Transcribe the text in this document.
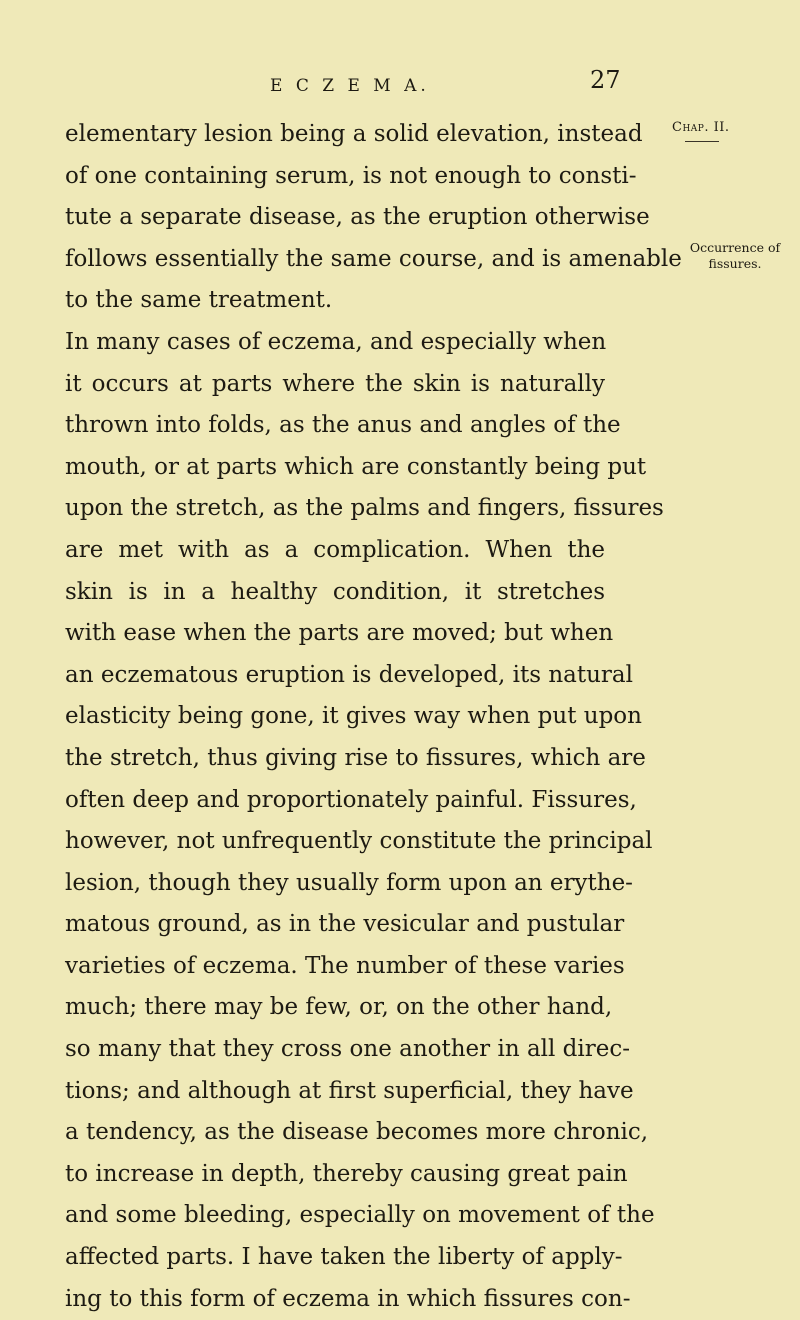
E C Z E M A.	27
elementary lesion being a solid elevation, instead
of one containing serum, is not enough to consti-
tute a separate disease, as the eruption otherwise
follows essentially the same course, and is amenable
to the same treatment.
In many cases of eczema, and especially when
it occurs at parts where the skin is naturally
thrown into folds, as the anus and angles of the
mouth, or at parts which are constantly being put
upon the stretch, as the palms and fingers, fissures
are met with as a complication. When the
skin is in a healthy condition, it stretches
with ease when the parts are moved; but when
an eczematous eruption is developed, its natural
elasticity being gone, it gives way when put upon
the stretch, thus giving rise to fissures, which are
often deep and proportionately painful. Fissures,
however, not unfrequently constitute the principal
lesion, though they usually form upon an erythe-
matous ground, as in the vesicular and pustular
varieties of eczema. The number of these varies
much; there may be few, or, on the other hand,
so many that they cross one another in all direc-
tions; and although at first superficial, they have
a tendency, as the disease becomes more chronic,
to increase in depth, thereby causing great pain
and some bleeding, especially on movement of the
affected parts. I have taken the liberty of apply-
ing to this form of eczema in which fissures con-
Chap. II.
Occurrence of
fissures.
